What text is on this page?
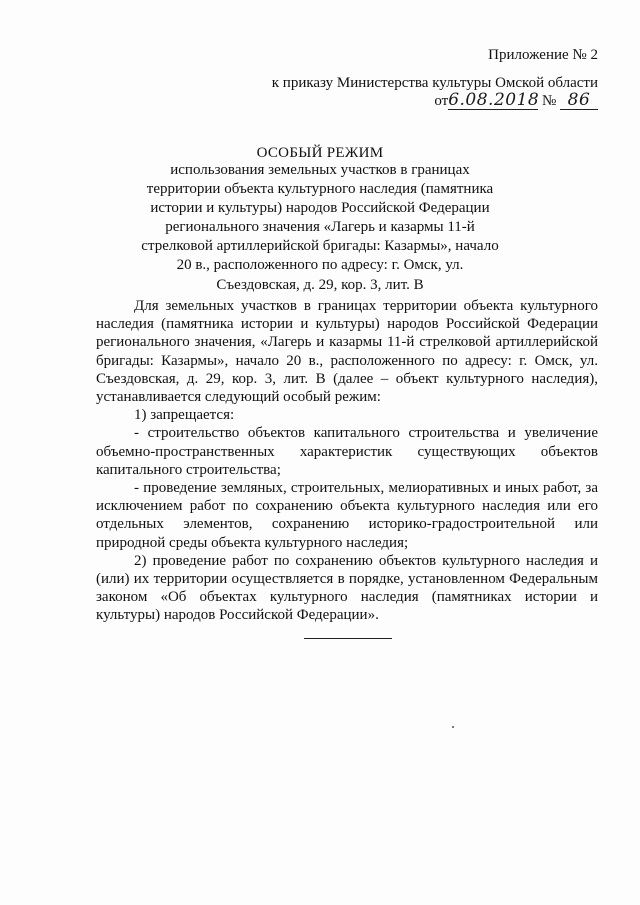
Приложение № 2
к приказу Министерства культуры Омской области
от6.08.2018 № 86
ОСОБЫЙ РЕЖИМ
использования земельных участков в границах территории объекта культурного наследия (памятника истории и культуры) народов Российской Федерации регионального значения «Лагерь и казармы 11-й стрелковой артиллерийской бригады: Казармы», начало 20 в., расположенного по адресу: г. Омск, ул. Съездовская, д. 29, кор. 3, лит. В

Для земельных участков в границах территории объекта культурного наследия (памятника истории и культуры) народов Российской Федерации регионального значения, «Лагерь и казармы 11-й стрелковой артиллерийской бригады: Казармы», начало 20 в., расположенного по адресу: г. Омск, ул. Съездовская, д. 29, кор. 3, лит. В (далее – объект культурного наследия), устанавливается следующий особый режим:

1) запрещается:

- строительство объектов капитального строительства и увеличение объемно-пространственных характеристик существующих объектов капитального строительства;

- проведение земляных, строительных, мелиоративных и иных работ, за исключением работ по сохранению объекта культурного наследия или его отдельных элементов, сохранению историко-градостроительной или природной среды объекта культурного наследия;

2) проведение работ по сохранению объектов культурного наследия и (или) их территории осуществляется в порядке, установленном Федеральным законом «Об объектах культурного наследия (памятниках истории и культуры) народов Российской Федерации».
